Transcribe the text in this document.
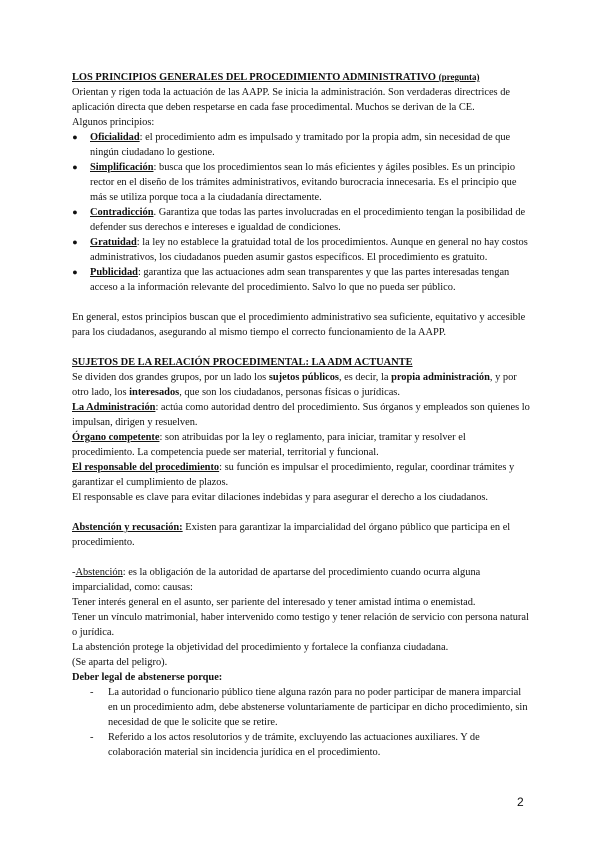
LOS PRINCIPIOS GENERALES DEL PROCEDIMIENTO ADMINISTRATIVO (pregunta)

Orientan y rigen toda la actuación de las AAPP. Se inicia la administración. Son verdaderas directrices de aplicación directa que deben respetarse en cada fase procedimental. Muchos se derivan de la CE.

Algunos principios:

● Oficialidad: el procedimiento adm es impulsado y tramitado por la propia adm, sin necesidad de que ningún ciudadano lo gestione.
● Simplificación: busca que los procedimientos sean lo más eficientes y ágiles posibles. Es un principio rector en el diseño de los trámites administrativos, evitando burocracia innecesaria. Es el principio que más se utiliza porque toca a la ciudadanía directamente.
● Contradicción. Garantiza que todas las partes involucradas en el procedimiento tengan la posibilidad de defender sus derechos e intereses e igualdad de condiciones.
● Gratuidad: la ley no establece la gratuidad total de los procedimientos. Aunque en general no hay costos administrativos, los ciudadanos pueden asumir gastos específicos. El procedimiento es gratuito.
● Publicidad: garantiza que las actuaciones adm sean transparentes y que las partes interesadas tengan acceso a la información relevante del procedimiento. Salvo lo que no pueda ser público.

En general, estos principios buscan que el procedimiento administrativo sea suficiente, equitativo y accesible para los ciudadanos, asegurando al mismo tiempo el correcto funcionamiento de la AAPP.

SUJETOS DE LA RELACIÓN PROCEDIMENTAL: LA ADM ACTUANTE

Se dividen dos grandes grupos, por un lado los sujetos públicos, es decir, la propia administración, y por otro lado, los interesados, que son los ciudadanos, personas físicas o jurídicas.

La Administración: actúa como autoridad dentro del procedimiento. Sus órganos y empleados son quienes lo impulsan, dirigen y resuelven.

Órgano competente: son atribuidas por la ley o reglamento, para iniciar, tramitar y resolver el procedimiento. La competencia puede ser material, territorial y funcional.

El responsable del procedimiento: su función es impulsar el procedimiento, regular, coordinar trámites y garantizar el cumplimiento de plazos.

El responsable es clave para evitar dilaciones indebidas y para asegurar el derecho a los ciudadanos.

Abstención y recusación: Existen para garantizar la imparcialidad del órgano público que participa en el procedimiento.

-Abstención: es la obligación de la autoridad de apartarse del procedimiento cuando ocurra alguna imparcialidad, como: causas:

Tener interés general en el asunto, ser pariente del interesado y tener amistad íntima o enemistad.

Tener un vínculo matrimonial, haber intervenido como testigo y tener relación de servicio con persona natural o jurídica.

La abstención protege la objetividad del procedimiento y fortalece la confianza ciudadana.

(Se aparta del peligro).

Deber legal de abstenerse porque:

- La autoridad o funcionario público tiene alguna razón para no poder participar de manera imparcial en un procedimiento adm, debe abstenerse voluntariamente de participar en dicho procedimiento, sin necesidad de que le solicite que se retire.
- Referido a los actos resolutorios y de trámite, excluyendo las actuaciones auxiliares. Y de colaboración material sin incidencia jurídica en el procedimiento.
2
